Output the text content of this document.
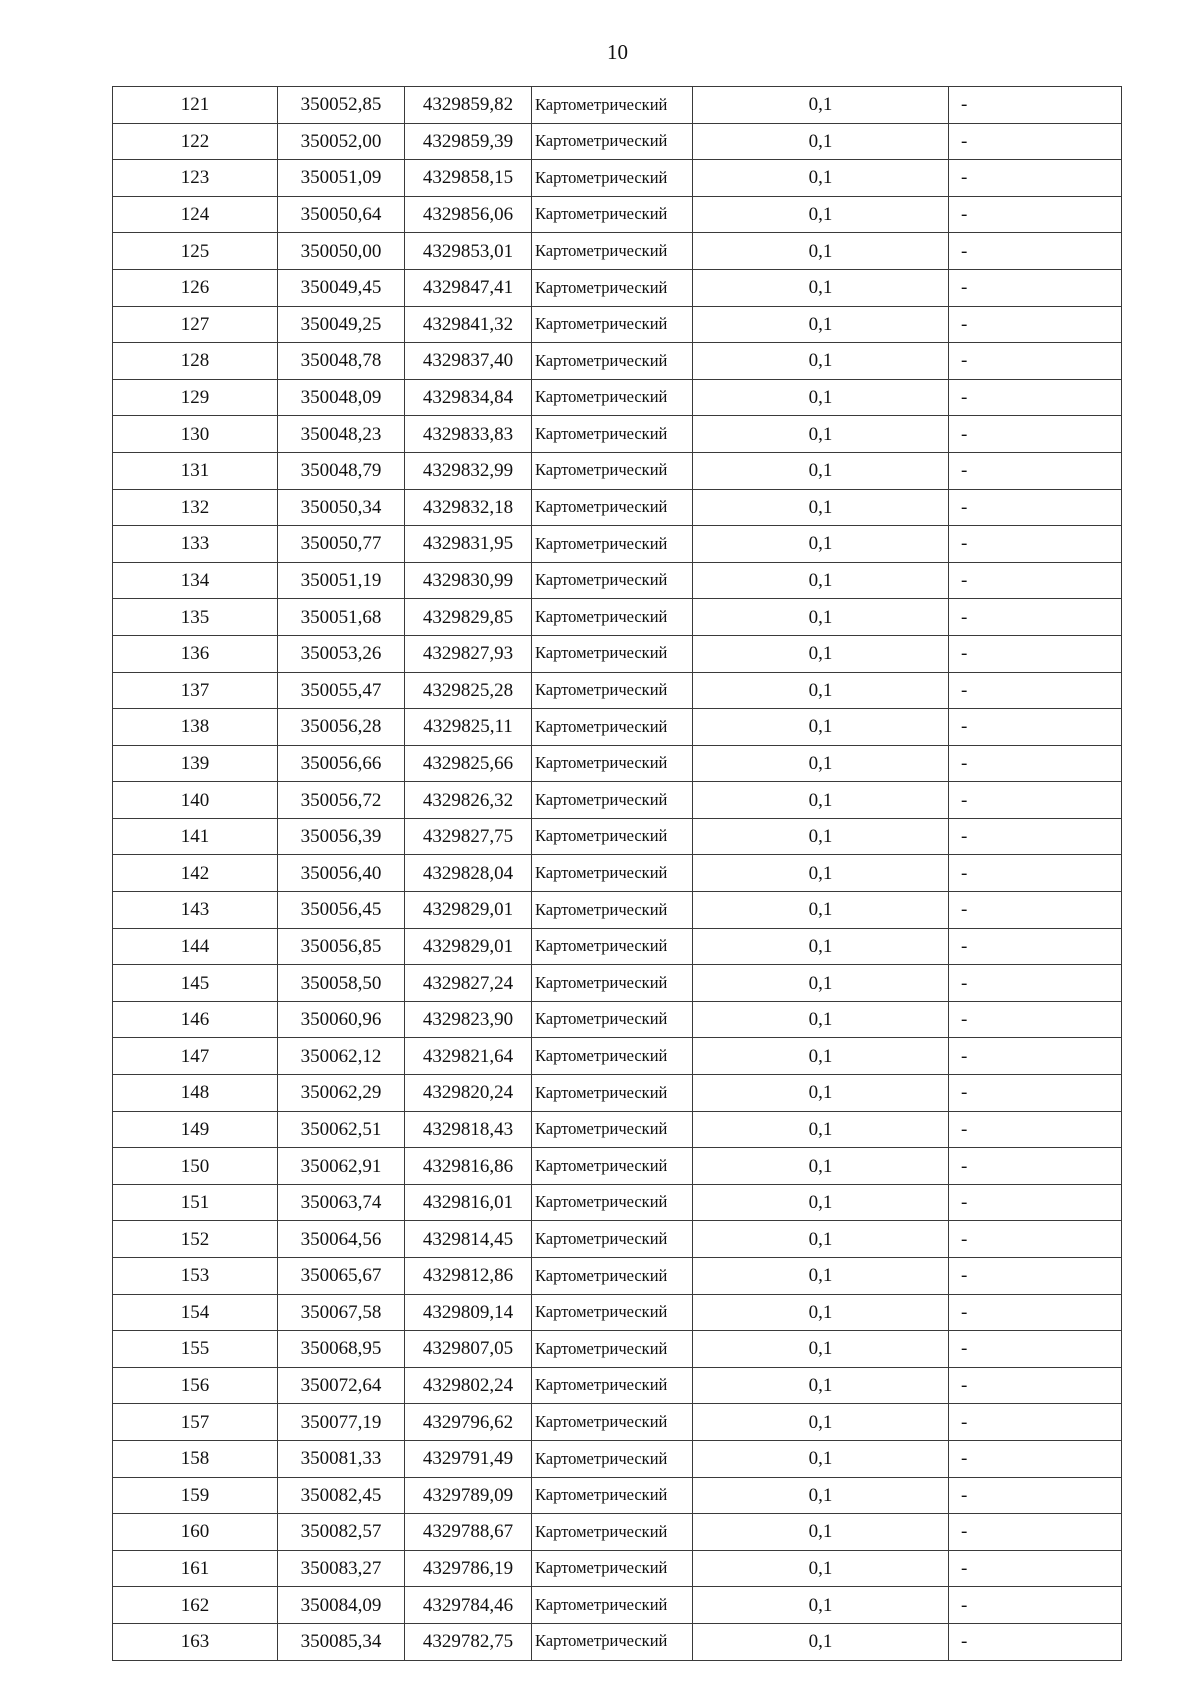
10
121	350052,85	4329859,82	Картометрический	0,1	-
122	350052,00	4329859,39	Картометрический	0,1	-
123	350051,09	4329858,15	Картометрический	0,1	-
124	350050,64	4329856,06	Картометрический	0,1	-
125	350050,00	4329853,01	Картометрический	0,1	-
126	350049,45	4329847,41	Картометрический	0,1	-
127	350049,25	4329841,32	Картометрический	0,1	-
128	350048,78	4329837,40	Картометрический	0,1	-
129	350048,09	4329834,84	Картометрический	0,1	-
130	350048,23	4329833,83	Картометрический	0,1	-
131	350048,79	4329832,99	Картометрический	0,1	-
132	350050,34	4329832,18	Картометрический	0,1	-
133	350050,77	4329831,95	Картометрический	0,1	-
134	350051,19	4329830,99	Картометрический	0,1	-
135	350051,68	4329829,85	Картометрический	0,1	-
136	350053,26	4329827,93	Картометрический	0,1	-
137	350055,47	4329825,28	Картометрический	0,1	-
138	350056,28	4329825,11	Картометрический	0,1	-
139	350056,66	4329825,66	Картометрический	0,1	-
140	350056,72	4329826,32	Картометрический	0,1	-
141	350056,39	4329827,75	Картометрический	0,1	-
142	350056,40	4329828,04	Картометрический	0,1	-
143	350056,45	4329829,01	Картометрический	0,1	-
144	350056,85	4329829,01	Картометрический	0,1	-
145	350058,50	4329827,24	Картометрический	0,1	-
146	350060,96	4329823,90	Картометрический	0,1	-
147	350062,12	4329821,64	Картометрический	0,1	-
148	350062,29	4329820,24	Картометрический	0,1	-
149	350062,51	4329818,43	Картометрический	0,1	-
150	350062,91	4329816,86	Картометрический	0,1	-
151	350063,74	4329816,01	Картометрический	0,1	-
152	350064,56	4329814,45	Картометрический	0,1	-
153	350065,67	4329812,86	Картометрический	0,1	-
154	350067,58	4329809,14	Картометрический	0,1	-
155	350068,95	4329807,05	Картометрический	0,1	-
156	350072,64	4329802,24	Картометрический	0,1	-
157	350077,19	4329796,62	Картометрический	0,1	-
158	350081,33	4329791,49	Картометрический	0,1	-
159	350082,45	4329789,09	Картометрический	0,1	-
160	350082,57	4329788,67	Картометрический	0,1	-
161	350083,27	4329786,19	Картометрический	0,1	-
162	350084,09	4329784,46	Картометрический	0,1	-
163	350085,34	4329782,75	Картометрический	0,1	-
